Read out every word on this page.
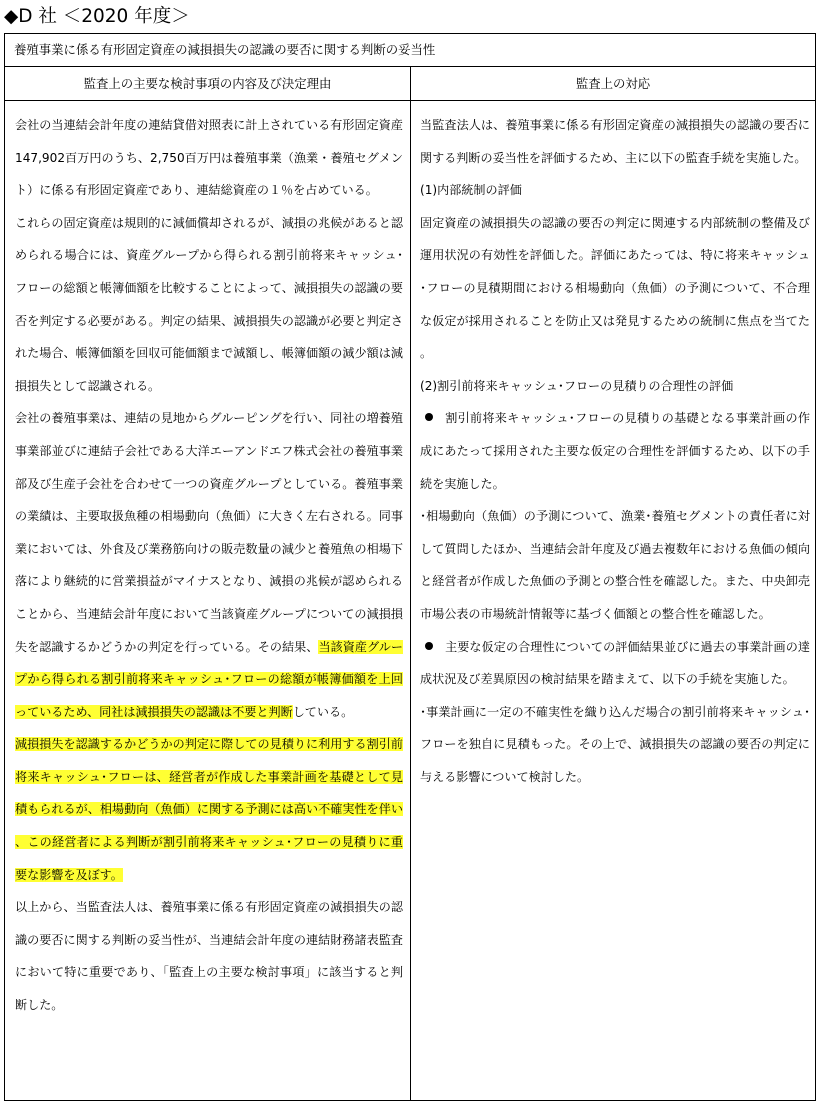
◆D 社 ＜2020 年度＞
養殖事業に係る有形固定資産の減損損失の認識の要否に関する判断の妥当性
監査上の主要な検討事項の内容及び決定理由	監査上の対応

会社の当連結会計年度の連結貸借対照表に計上されている有形固定資産147,902百万円のうち、2,750百万円は養殖事業（漁業・養殖セグメント）に係る有形固定資産であり、連結総資産の１％を占めている。

これらの固定資産は規則的に減価償却されるが、減損の兆候があると認められる場合には、資産グループから得られる割引前将来キャッシュ･フローの総額と帳簿価額を比較することによって、減損損失の認識の要否を判定する必要がある。判定の結果、減損損失の認識が必要と判定された場合、帳簿価額を回収可能価額まで減額し、帳簿価額の減少額は減損損失として認識される。

会社の養殖事業は、連結の見地からグルーピングを行い、同社の増養殖事業部並びに連結子会社である大洋エーアンドエフ株式会社の養殖事業部及び生産子会社を合わせて一つの資産グループとしている。養殖事業の業績は、主要取扱魚種の相場動向（魚価）に大きく左右される。同事業においては、外食及び業務筋向けの販売数量の減少と養殖魚の相場下落により継続的に営業損益がマイナスとなり、減損の兆候が認められることから、当連結会計年度において当該資産グループについての減損損失を認識するかどうかの判定を行っている。その結果、当該資産グループから得られる割引前将来キャッシュ･フローの総額が帳簿価額を上回っているため、同社は減損損失の認識は不要と判断している。

減損損失を認識するかどうかの判定に際しての見積りに利用する割引前将来キャッシュ･フローは、経営者が作成した事業計画を基礎として見積もられるが、相場動向（魚価）に関する予測には高い不確実性を伴い、この経営者による判断が割引前将来キャッシュ･フローの見積りに重要な影響を及ぼす。

以上から、当監査法人は、養殖事業に係る有形固定資産の減損損失の認識の要否に関する判断の妥当性が、当連結会計年度の連結財務諸表監査において特に重要であり、「監査上の主要な検討事項」に該当すると判断した。

当監査法人は、養殖事業に係る有形固定資産の減損損失の認識の要否に関する判断の妥当性を評価するため、主に以下の監査手続を実施した。

(1)内部統制の評価

固定資産の減損損失の認識の要否の判定に関連する内部統制の整備及び運用状況の有効性を評価した。評価にあたっては、特に将来キャッシュ･フローの見積期間における相場動向（魚価）の予測について、不合理な仮定が採用されることを防止又は発見するための統制に焦点を当てた。

(2)割引前将来キャッシュ･フローの見積りの合理性の評価

割引前将来キャッシュ･フローの見積りの基礎となる事業計画の作成にあたって採用された主要な仮定の合理性を評価するため、以下の手続を実施した。

･相場動向（魚価）の予測について、漁業･養殖セグメントの責任者に対して質問したほか、当連結会計年度及び過去複数年における魚価の傾向と経営者が作成した魚価の予測との整合性を確認した。また、中央卸売市場公表の市場統計情報等に基づく価額との整合性を確認した。

主要な仮定の合理性についての評価結果並びに過去の事業計画の達成状況及び差異原因の検討結果を踏まえて、以下の手続を実施した。

･事業計画に一定の不確実性を織り込んだ場合の割引前将来キャッシュ･フローを独自に見積もった。その上で、減損損失の認識の要否の判定に与える影響について検討した。
